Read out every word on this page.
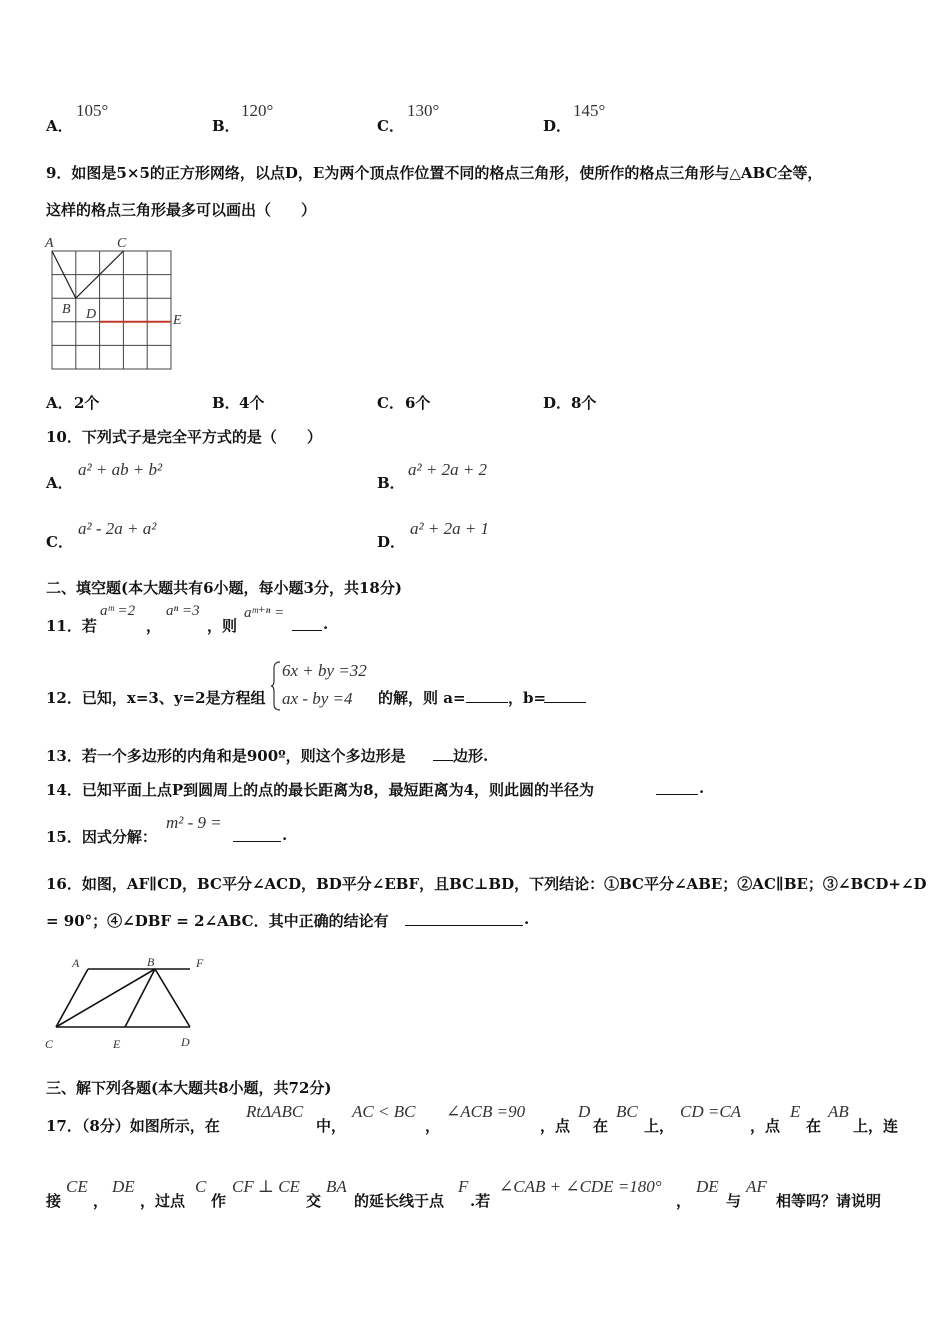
A．
105°
B．
120°
C．
130°
D．
145°
9．如图是5×5的正方形网络，以点D，E为两个顶点作位置不同的格点三角形，使所作的格点三角形与△ABC全等，
这样的格点三角形最多可以画出（　　）
A	C
B D	E
A． 2个	B． 4个	C． 6个	D． 8个
10．下列式子是完全平方式的是（　　）
A．
a² + ab + b²
B．
a² + 2a + 2
C．
a² - 2a + a²
D．
a² + 2a + 1
二、填空题(本大题共有6小题，每小题3分，共18分)
11．若
aᵐ =2
，
aⁿ =3
，则
aᵐ⁺ⁿ =
.
12．已知，x=3、y=2是方程组
6x + by =32
ax - by =4 的解，则 a=	，b=
13．若一个多边形的内角和是900º，则这个多边形是	边形.
14．已知平面上点P到圆周上的点的最长距离为8，最短距离为4，则此圆的半径为	.
15．因式分解：
m² - 9 =
.
16．如图，AF∥CD，BC平分∠ACD，BD平分∠EBF，且BC⊥BD，下列结论：①BC平分∠ABE；②AC∥BE；③∠BCD+∠D
= 90°；④∠DBF = 2∠ABC．其中正确的结论有	.
A	B	F
C	E	D
三、解下列各题(本大题共8小题，共72分)
17．（8分）如图所示，在
RtΔABC
中，
AC < BC
，
∠ACB =90
，点
D
在
BC
上，
CD =CA
，点
E
在
AB
上，连
接
CE
，
DE
，过点
C
作
CF ⊥ CE
交
BA
的延长线于点
F
.若
∠CAB + ∠CDE =180°
，
DE
与
AF
相等吗？请说明
